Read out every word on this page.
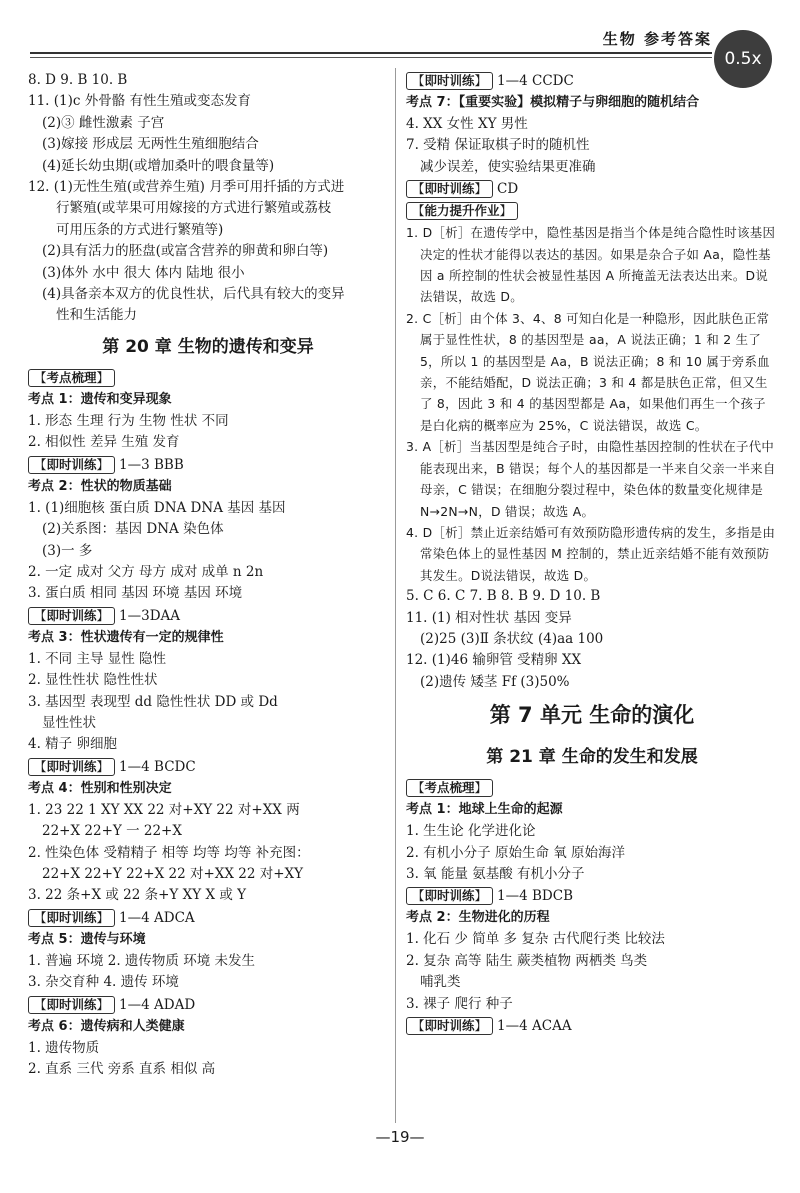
生物 参考答案
0.5x
8. D 9. B 10. B
11. (1)c 外骨骼 有性生殖或变态发育
(2)③ 雌性激素 子宫
(3)嫁接 形成层 无两性生殖细胞结合
(4)延长幼虫期(或增加桑叶的喂食量等)
12. (1)无性生殖(或营养生殖) 月季可用扦插的方式进
行繁殖(或苹果可用嫁接的方式进行繁殖或荔枝
可用压条的方式进行繁殖等)
(2)具有活力的胚盘(或富含营养的卵黄和卵白等)
(3)体外 水中 很大 体内 陆地 很小
(4)具备亲本双方的优良性状，后代具有较大的变异
性和生活能力
第 20 章 生物的遗传和变异
【考点梳理】
考点 1：遗传和变异现象
1. 形态 生理 行为 生物 性状 不同
2. 相似性 差异 生殖 发育
【即时训练】 1—3 BBB
考点 2：性状的物质基础
1. (1)细胞核 蛋白质 DNA DNA 基因 基因
(2)关系图：基因 DNA 染色体
(3)一 多
2. 一定 成对 父方 母方 成对 成单 n 2n
3. 蛋白质 相同 基因 环境 基因 环境
【即时训练】 1—3DAA
考点 3：性状遗传有一定的规律性
1. 不同 主导 显性 隐性
2. 显性性状 隐性性状
3. 基因型 表现型 dd 隐性性状 DD 或 Dd
显性性状
4. 精子 卵细胞
【即时训练】 1—4 BCDC
考点 4：性别和性别决定
1. 23 22 1 XY XX 22 对+XY 22 对+XX 两
22+X 22+Y 一 22+X
2. 性染色体 受精精子 相等 均等 均等 补充图：
22+X 22+Y 22+X 22 对+XX 22 对+XY
3. 22 条+X 或 22 条+Y XY X 或 Y
【即时训练】 1—4 ADCA
考点 5：遗传与环境
1. 普遍 环境 2. 遗传物质 环境 未发生
3. 杂交育种 4. 遗传 环境
【即时训练】 1—4 ADAD
考点 6：遗传病和人类健康
1. 遗传物质
2. 直系 三代 旁系 直系 相似 高
【即时训练】 1—4 CCDC
考点 7：【重要实验】模拟精子与卵细胞的随机结合
4. XX 女性 XY 男性
7. 受精 保证取棋子时的随机性
减少误差，使实验结果更准确
【即时训练】 CD
【能力提升作业】
1. D［析］在遗传学中，隐性基因是指当个体是纯合隐性时该基因决定的性状才能得以表达的基因。如果是杂合子如 Aa，隐性基因 a 所控制的性状会被显性基因 A 所掩盖无法表达出来。D说法错误，故选 D。
2. C［析］由个体 3、4、8 可知白化是一种隐形，因此肤色正常属于显性性状，8 的基因型是 aa，A 说法正确；1 和 2 生了 5，所以 1 的基因型是 Aa，B 说法正确；8 和 10 属于旁系血亲，不能结婚配，D 说法正确；3 和 4 都是肤色正常，但又生了 8，因此 3 和 4 的基因型都是 Aa，如果他们再生一个孩子是白化病的概率应为 25%，C 说法错误，故选 C。
3. A［析］当基因型是纯合子时，由隐性基因控制的性状在子代中能表现出来，B 错误；每个人的基因都是一半来自父亲一半来自母亲，C 错误；在细胞分裂过程中，染色体的数量变化规律是 N→2N→N，D 错误；故选 A。
4. D［析］禁止近亲结婚可有效预防隐形遗传病的发生，多指是由常染色体上的显性基因 M 控制的，禁止近亲结婚不能有效预防其发生。D说法错误，故选 D。
5. C 6. C 7. B 8. B 9. D 10. B
11. (1) 相对性状 基因 变异
(2)25 (3)Ⅱ 条状纹 (4)aa 100
12. (1)46 输卵管 受精卵 XX
(2)遗传 矮茎 Ff (3)50%
第 7 单元 生命的演化
第 21 章 生命的发生和发展
【考点梳理】
考点 1：地球上生命的起源
1. 生生论 化学进化论
2. 有机小分子 原始生命 氧 原始海洋
3. 氧 能量 氨基酸 有机小分子
【即时训练】 1—4 BDCB
考点 2：生物进化的历程
1. 化石 少 简单 多 复杂 古代爬行类 比较法
2. 复杂 高等 陆生 蕨类植物 两栖类 鸟类
哺乳类
3. 裸子 爬行 种子
【即时训练】 1—4 ACAA
—19—
